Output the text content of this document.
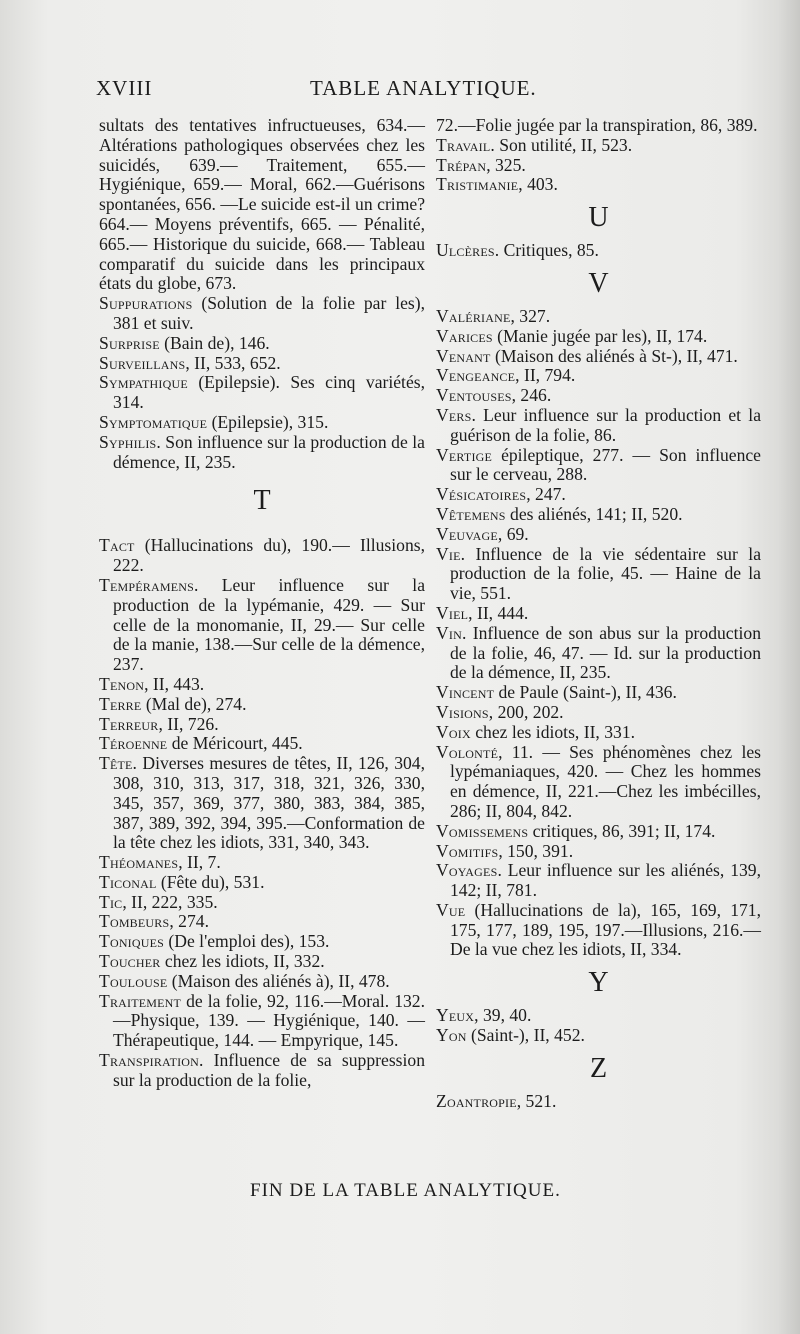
XVIII	TABLE ANALYTIQUE.
sultats des tentatives infructueuses, 634.— Altérations pathologiques observées chez les suicidés, 639.— Traitement, 655.— Hygiénique, 659.— Moral, 662.—Guérisons spontanées, 656. —Le suicide est-il un crime? 664.— Moyens préventifs, 665. — Pénalité, 665.— Historique du suicide, 668.— Tableau comparatif du suicide dans les principaux états du globe, 673.
Suppurations (Solution de la folie par les), 381 et suiv.
Surprise (Bain de), 146.
Surveillans, II, 533, 652.
Sympathique (Epilepsie). Ses cinq variétés, 314.
Symptomatique (Epilepsie), 315.
Syphilis. Son influence sur la production de la démence, II, 235.
T
Tact (Hallucinations du), 190.— Illusions, 222.
Tempéramens. Leur influence sur la production de la lypémanie, 429. — Sur celle de la monomanie, II, 29.— Sur celle de la manie, 138.—Sur celle de la démence, 237.
Tenon, II, 443.
Terre (Mal de), 274.
Terreur, II, 726.
Téroenne de Méricourt, 445.
Tête. Diverses mesures de têtes, II, 126, 304, 308, 310, 313, 317, 318, 321, 326, 330, 345, 357, 369, 377, 380, 383, 384, 385, 387, 389, 392, 394, 395.—Conformation de la tête chez les idiots, 331, 340, 343.
Théomanes, II, 7.
Ticonal (Fête du), 531.
Tic, II, 222, 335.
Tombeurs, 274.
Toniques (De l'emploi des), 153.
Toucher chez les idiots, II, 332.
Toulouse (Maison des aliénés à), II, 478.
Traitement de la folie, 92, 116.—Moral. 132.—Physique, 139. — Hygiénique, 140. — Thérapeutique, 144. — Empyrique, 145.
Transpiration. Influence de sa suppression sur la production de la folie,
72.—Folie jugée par la transpiration, 86, 389.
Travail. Son utilité, II, 523.
Trépan, 325.
Tristimanie, 403.
U
Ulcères. Critiques, 85.
V
Valériane, 327.
Varices (Manie jugée par les), II, 174.
Venant (Maison des aliénés à St-), II, 471.
Vengeance, II, 794.
Ventouses, 246.
Vers. Leur influence sur la production et la guérison de la folie, 86.
Vertige épileptique, 277. — Son influence sur le cerveau, 288.
Vésicatoires, 247.
Vêtemens des aliénés, 141; II, 520.
Veuvage, 69.
Vie. Influence de la vie sédentaire sur la production de la folie, 45. — Haine de la vie, 551.
Viel, II, 444.
Vin. Influence de son abus sur la production de la folie, 46, 47. — Id. sur la production de la démence, II, 235.
Vincent de Paule (Saint-), II, 436.
Visions, 200, 202.
Voix chez les idiots, II, 331.
Volonté, 11. — Ses phénomènes chez les lypémaniaques, 420. — Chez les hommes en démence, II, 221.—Chez les imbécilles, 286; II, 804, 842.
Vomissemens critiques, 86, 391; II, 174.
Vomitifs, 150, 391.
Voyages. Leur influence sur les aliénés, 139, 142; II, 781.
Vue (Hallucinations de la), 165, 169, 171, 175, 177, 189, 195, 197.—Illusions, 216.—De la vue chez les idiots, II, 334.
Y
Yeux, 39, 40.
Yon (Saint-), II, 452.
Z
Zoantropie, 521.
FIN DE LA TABLE ANALYTIQUE.
